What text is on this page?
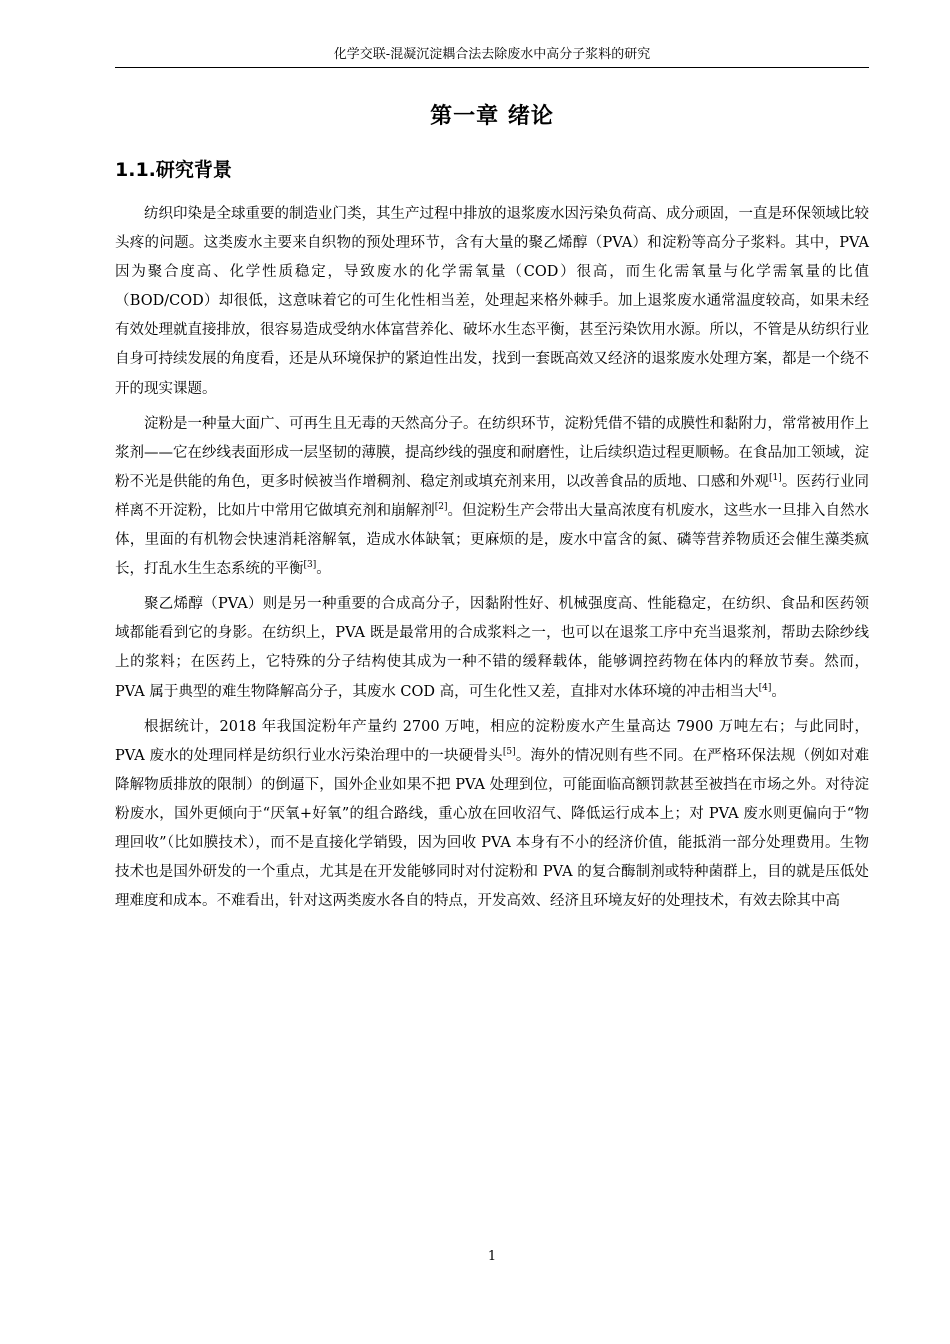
化学交联-混凝沉淀耦合法去除废水中高分子浆料的研究
第一章 绪论
1.1.研究背景

纺织印染是全球重要的制造业门类，其生产过程中排放的退浆废水因污染负荷高、成分顽固，一直是环保领域比较头疼的问题。这类废水主要来自织物的预处理环节，含有大量的聚乙烯醇（PVA）和淀粉等高分子浆料。其中，PVA 因为聚合度高、化学性质稳定，导致废水的化学需氧量（COD）很高，而生化需氧量与化学需氧量的比值（BOD/COD）却很低，这意味着它的可生化性相当差，处理起来格外棘手。加上退浆废水通常温度较高，如果未经有效处理就直接排放，很容易造成受纳水体富营养化、破坏水生态平衡，甚至污染饮用水源。所以，不管是从纺织行业自身可持续发展的角度看，还是从环境保护的紧迫性出发，找到一套既高效又经济的退浆废水处理方案，都是一个绕不开的现实课题。

淀粉是一种量大面广、可再生且无毒的天然高分子。在纺织环节，淀粉凭借不错的成膜性和黏附力，常常被用作上浆剂——它在纱线表面形成一层坚韧的薄膜，提高纱线的强度和耐磨性，让后续织造过程更顺畅。在食品加工领域，淀粉不光是供能的角色，更多时候被当作增稠剂、稳定剂或填充剂来用，以改善食品的质地、口感和外观[1]。医药行业同样离不开淀粉，比如片中常用它做填充剂和崩解剂[2]。但淀粉生产会带出大量高浓度有机废水，这些水一旦排入自然水体，里面的有机物会快速消耗溶解氧，造成水体缺氧；更麻烦的是，废水中富含的氮、磷等营养物质还会催生藻类疯长，打乱水生生态系统的平衡[3]。

聚乙烯醇（PVA）则是另一种重要的合成高分子，因黏附性好、机械强度高、性能稳定，在纺织、食品和医药领域都能看到它的身影。在纺织上，PVA 既是最常用的合成浆料之一，也可以在退浆工序中充当退浆剂，帮助去除纱线上的浆料；在医药上，它特殊的分子结构使其成为一种不错的缓释载体，能够调控药物在体内的释放节奏。然而，PVA 属于典型的难生物降解高分子，其废水 COD 高，可生化性又差，直排对水体环境的冲击相当大[4]。

根据统计，2018 年我国淀粉年产量约 2700 万吨，相应的淀粉废水产生量高达 7900 万吨左右；与此同时，PVA 废水的处理同样是纺织行业水污染治理中的一块硬骨头[5]。海外的情况则有些不同。在严格环保法规（例如对难降解物质排放的限制）的倒逼下，国外企业如果不把 PVA 处理到位，可能面临高额罚款甚至被挡在市场之外。对待淀粉废水，国外更倾向于“厌氧+好氧”的组合路线，重心放在回收沼气、降低运行成本上；对 PVA 废水则更偏向于“物理回收”（比如膜技术），而不是直接化学销毁，因为回收 PVA 本身有不小的经济价值，能抵消一部分处理费用。生物技术也是国外研发的一个重点，尤其是在开发能够同时对付淀粉和 PVA 的复合酶制剂或特种菌群上，目的就是压低处理难度和成本。不难看出，针对这两类废水各自的特点，开发高效、经济且环境友好的处理技术，有效去除其中高

1
